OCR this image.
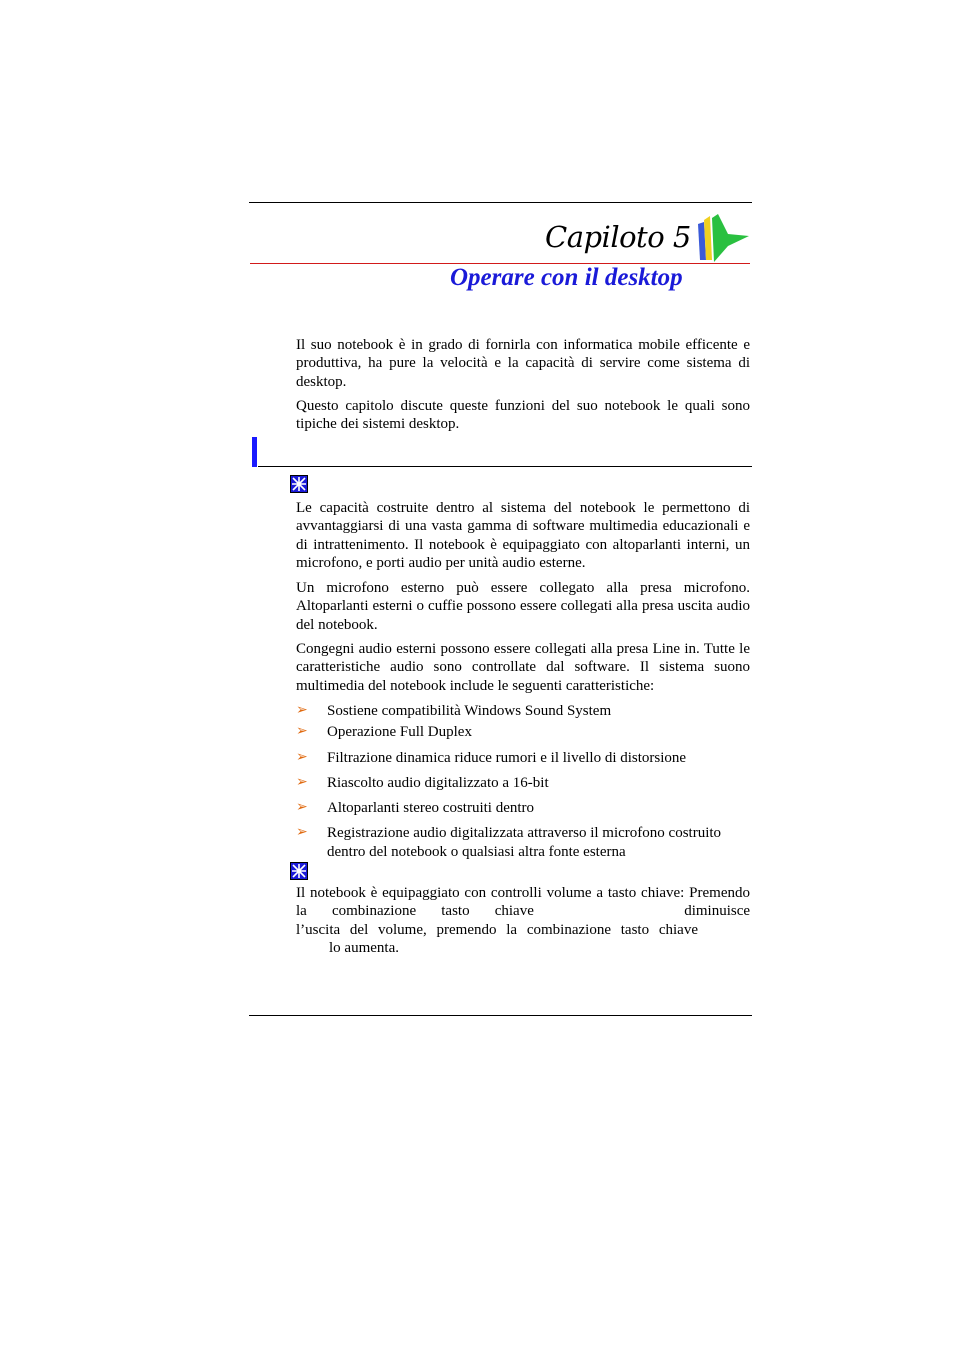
Capiloto 5
Operare con il desktop
Il suo notebook è in grado di fornirla con informatica mobile efficente e produttiva, ha pure la velocità e la capacità di servire come sistema di desktop.
Questo capitolo discute queste funzioni del suo notebook le quali sono tipiche dei sistemi desktop.
Le capacità costruite dentro al sistema del notebook le permettono di avvantaggiarsi di una vasta gamma di software multimedia educazionali e di intrattenimento. Il notebook è equipaggiato con altoparlanti interni, un microfono, e porti audio per unità audio esterne.
Un microfono esterno può essere collegato alla presa microfono. Altoparlanti esterni o cuffie possono essere collegati alla presa uscita audio del notebook.
Congegni audio esterni possono essere collegati alla presa Line in. Tutte le caratteristiche audio sono controllate dal software. Il sistema suono multimedia del notebook include le seguenti caratteristiche:
➢ Sostiene compatibilità Windows Sound System
➢ Operazione Full Duplex
➢ Filtrazione dinamica riduce rumori e il livello di distorsione
➢ Riascolto audio digitalizzato a 16-bit
➢ Altoparlanti stereo costruiti dentro
➢ Registrazione audio digitalizzata attraverso il microfono costruito dentro del notebook o qualsiasi altra fonte esterna
Il notebook è equipaggiato con controlli volume a tasto chiave: Premendo la combinazione tasto chiave	diminuisce
l’uscita del volume, premendo la combinazione tasto chiave
lo aumenta.
